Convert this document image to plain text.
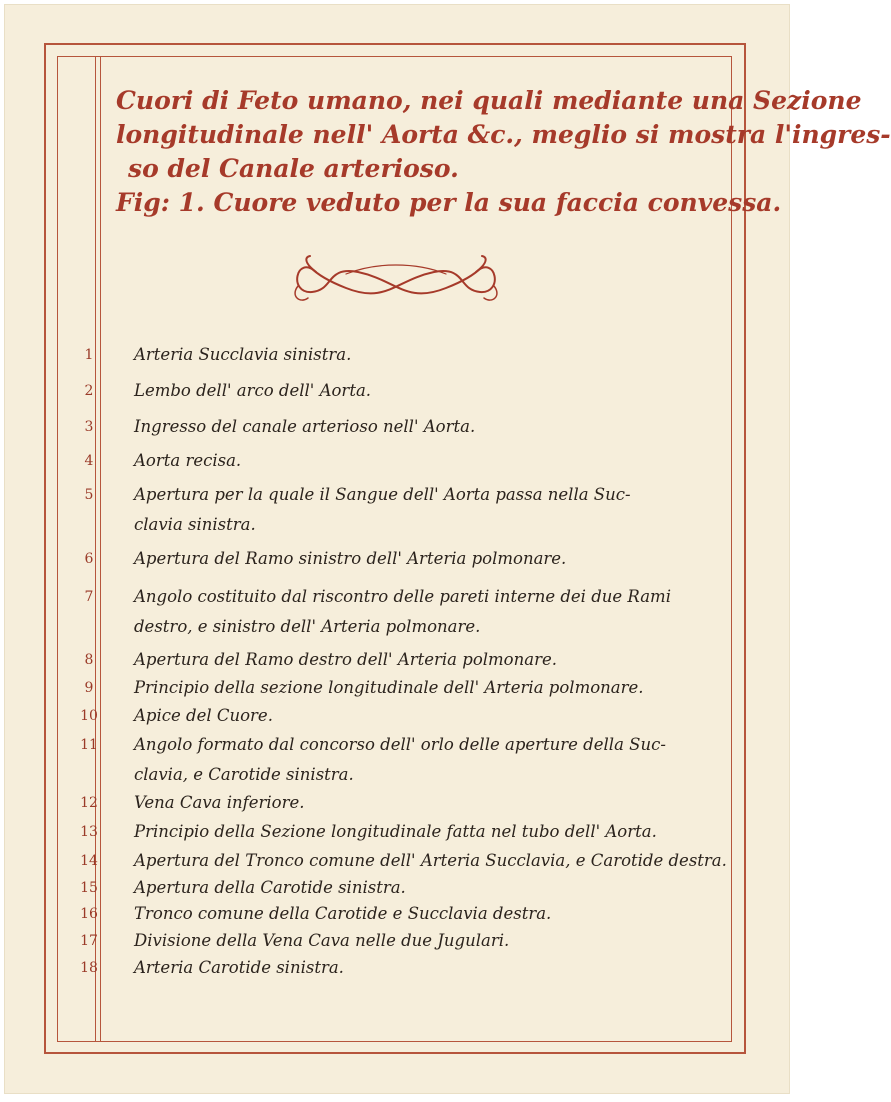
Cuori di Feto umano, nei quali mediante una Sezione
longitudinale nell' Aorta &c., meglio si mostra l'ingres-
so del Canale arterioso.
Fig: 1. Cuore veduto per la sua faccia convessa.
1	Arteria Succlavia sinistra.
2	Lembo dell' arco dell' Aorta.
3	Ingresso del canale arterioso nell' Aorta.
4	Aorta recisa.
5	Apertura per la quale il Sangue dell' Aorta passa nella Suc-
clavia sinistra.
6	Apertura del Ramo sinistro dell' Arteria polmonare.
7	Angolo costituito dal riscontro delle pareti interne dei due Rami
destro, e sinistro dell' Arteria polmonare.
8	Apertura del Ramo destro dell' Arteria polmonare.
9	Principio della sezione longitudinale dell' Arteria polmonare.
10	Apice del Cuore.
11	Angolo formato dal concorso dell' orlo delle aperture della Suc-
clavia, e Carotide sinistra.
12	Vena Cava inferiore.
13	Principio della Sezione longitudinale fatta nel tubo dell' Aorta.
14	Apertura del Tronco comune dell' Arteria Succlavia, e Carotide destra.
15	Apertura della Carotide sinistra.
16	Tronco comune della Carotide e Succlavia destra.
17	Divisione della Vena Cava nelle due Jugulari.
18	Arteria Carotide sinistra.
